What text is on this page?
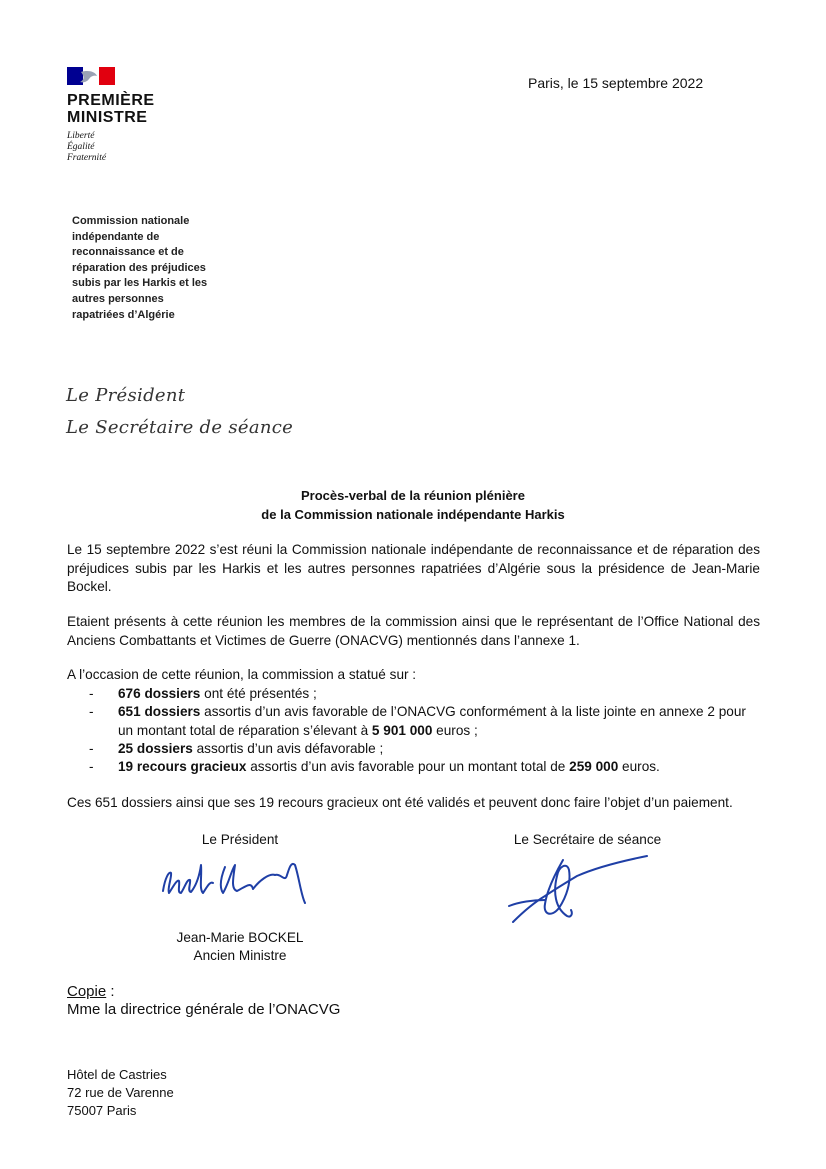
PREMIÈRE
MINISTRE
Liberté
Égalité
Fraternité
Commission nationale
indépendante de
reconnaissance et de
réparation des préjudices
subis par les Harkis et les
autres personnes
rapatriées d’Algérie
Paris, le 15 septembre 2022
Le Président
Le Secrétaire de séance
Procès-verbal de la réunion plénière
de la Commission nationale indépendante Harkis
Le 15 septembre 2022 s’est réuni la Commission nationale indépendante de reconnaissance et de réparation des préjudices subis par les Harkis et les autres personnes rapatriées d’Algérie sous la présidence de Jean-Marie Bockel.
Etaient présents à cette réunion les membres de la commission ainsi que le représentant de l’Office National des Anciens Combattants et Victimes de Guerre (ONACVG) mentionnés dans l’annexe 1.
A l’occasion de cette réunion, la commission a statué sur :
- 676 dossiers ont été présentés ;
- 651 dossiers assortis d’un avis favorable de l’ONACVG conformément à la liste jointe en annexe 2 pour un montant total de réparation s’élevant à 5 901 000 euros ;
- 25 dossiers assortis d’un avis défavorable ;
- 19 recours gracieux assortis d’un avis favorable pour un montant total de 259 000 euros.
Ces 651 dossiers ainsi que ses 19 recours gracieux ont été validés et peuvent donc faire l’objet d’un paiement.
Le Président	Le Secrétaire de séance
Jean-Marie BOCKEL
Ancien Ministre
Copie :
Mme la directrice générale de l’ONACVG
Hôtel de Castries
72 rue de Varenne
75007 Paris
